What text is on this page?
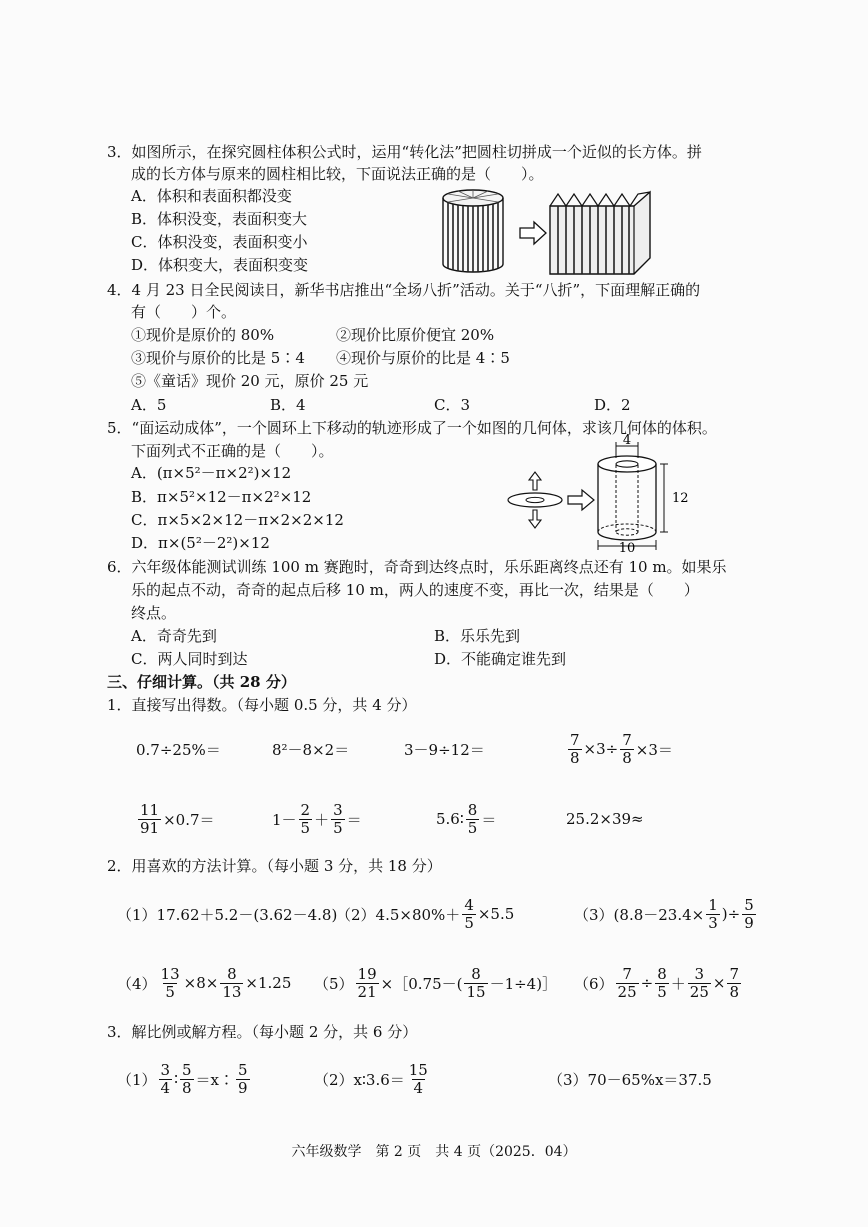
3．如图所示，在探究圆柱体积公式时，运用“转化法”把圆柱切拼成一个近似的长方体。拼
成的长方体与原来的圆柱相比较，下面说法正确的是（　　）。
A．体积和表面积都没变
B．体积没变，表面积变大
C．体积没变，表面积变小
D．体积变大，表面积变变
4．4 月 23 日全民阅读日，新华书店推出“全场八折”活动。关于“八折”，下面理解正确的
有（　　）个。
①现价是原价的 80%	②现价比原价便宜 20%
③现价与原价的比是 5∶4 ④现价与原价的比是 4∶5
⑤《童话》现价 20 元，原价 25 元
A．5	B．4	C．3	D．2
5．“面运动成体”，一个圆环上下移动的轨迹形成了一个如图的几何体，求该几何体的体积。
下面列式不正确的是（　　）。
A．(π×5²－π×2²)×12
B．π×5²×12－π×2²×12
C．π×5×2×12－π×2×2×12
D．π×(5²－2²)×12
4
12
10
6．六年级体能测试训练 100 m 赛跑时，奇奇到达终点时，乐乐距离终点还有 10 m。如果乐
乐的起点不动，奇奇的起点后移 10 m，两人的速度不变，再比一次，结果是（　　）
终点。
A．奇奇先到	B．乐乐先到
C．两人同时到达	D．不能确定谁先到
三、仔细计算。（共 28 分）
1．直接写出得数。（每小题 0.5 分，共 4 分）
0.7÷25%＝	8²－8×2＝	3－9÷12＝	$\frac{7}{8} \times 3\div \frac{7}{8} \times 3=$
$\frac{11}{91} \times 0.7=$	$1- \frac{2}{5} + \frac{3}{5}$ ＝	5.6∶ $\frac{8}{5}$ ＝	25.2×39≈
2．用喜欢的方法计算。（每小题 3 分，共 18 分）
（1）17.62＋5.2－(3.62－4.8)
$(2)4.5\times 80\%+ \frac{4}{5} \times 5.5$	$(3)(8.8-23.4\times \frac{1}{3}$ )÷ $\frac{5}{9}$
$(4) \frac{13}{5} \times 8\times \frac{8}{13} \times 1.25$ $(5) \frac{19}{21}$ ×［0.75－( $\frac{8}{15}$ －1÷4)］ $(6) \frac{7}{25} \div \frac{8}{5} + \frac{3}{25} \times \frac{7}{8}$
3．解比例或解方程。（每小题 2 分，共 6 分）
$(1) \frac{3}{4}$ ∶ $\frac{5}{8}$ ＝x∶ $\frac{5}{9}$	（2）x∶3.6＝ $\frac{15}{4}$	（3）70－65%x＝37.5
六年级数学　第 2 页　共 4 页（2025．04）
